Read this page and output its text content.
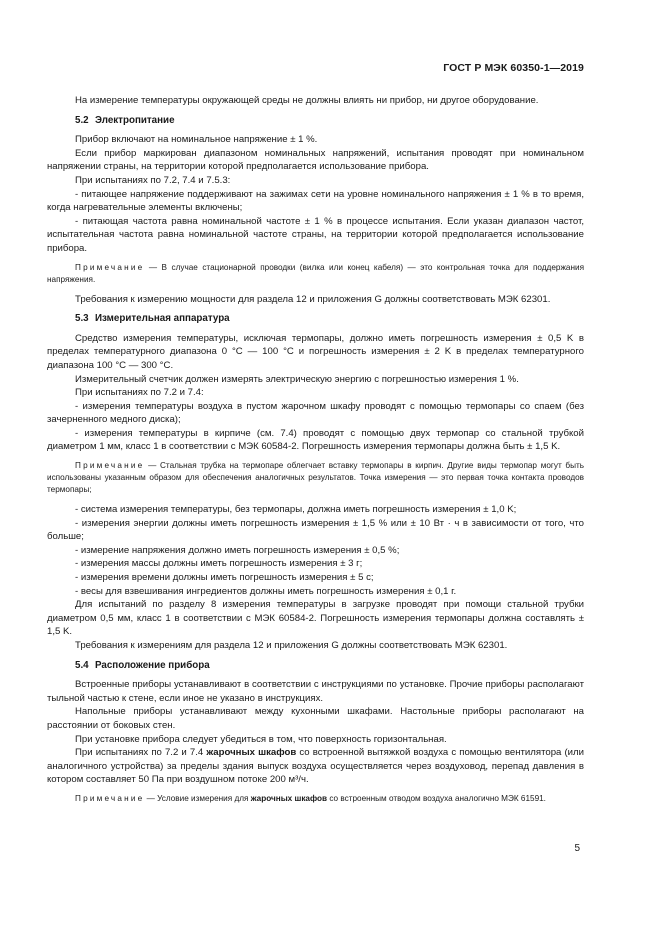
ГОСТ Р МЭК 60350-1—2019

На измерение температуры окружающей среды не должны влиять ни прибор, ни другое оборудование.

5.2 Электропитание

Прибор включают на номинальное напряжение ± 1 %.

Если прибор маркирован диапазоном номинальных напряжений, испытания проводят при номинальном напряжении страны, на территории которой предполагается использование прибора.

При испытаниях по 7.2, 7.4 и 7.5.3:

- питающее напряжение поддерживают на зажимах сети на уровне номинального напряжения ± 1 % в то время, когда нагревательные элементы включены;

- питающая частота равна номинальной частоте ± 1 % в процессе испытания. Если указан диапазон частот, испытательная частота равна номинальной частоте страны, на территории которой предполагается использование прибора.

Примечание — В случае стационарной проводки (вилка или конец кабеля) — это контрольная точка для поддержания напряжения.

Требования к измерению мощности для раздела 12 и приложения G должны соответствовать МЭК 62301.

5.3 Измерительная аппаратура

Средство измерения температуры, исключая термопары, должно иметь погрешность измерения ± 0,5 K в пределах температурного диапазона 0 °С — 100 °С и погрешность измерения ± 2 K в пределах температурного диапазона 100 °С — 300 °С.

Измерительный счетчик должен измерять электрическую энергию с погрешностью измерения 1 %.

При испытаниях по 7.2 и 7.4:

- измерения температуры воздуха в пустом жарочном шкафу проводят с помощью термопары со спаем (без зачерненного медного диска);

- измерения температуры в кирпиче (см. 7.4) проводят с помощью двух термопар со стальной трубкой диаметром 1 мм, класс 1 в соответствии с МЭК 60584-2. Погрешность измерения термопары должна быть ± 1,5 K.

Примечание — Стальная трубка на термопаре облегчает вставку термопары в кирпич. Другие виды термопар могут быть использованы указанным образом для обеспечения аналогичных результатов. Точка измерения — это первая точка контакта проводов термопары;

- система измерения температуры, без термопары, должна иметь погрешность измерения ± 1,0 K;

- измерения энергии должны иметь погрешность измерения ± 1,5 % или ± 10 Вт · ч в зависимости от того, что больше;

- измерение напряжения должно иметь погрешность измерения ± 0,5 %;

- измерения массы должны иметь погрешность измерения ± 3 г;

- измерения времени должны иметь погрешность измерения ± 5 с;

- весы для взвешивания ингредиентов должны иметь погрешность измерения ± 0,1 г.

Для испытаний по разделу 8 измерения температуры в загрузке проводят при помощи стальной трубки диаметром 0,5 мм, класс 1 в соответствии с МЭК 60584-2. Погрешность измерения термопары должна составлять ± 1,5 K.

Требования к измерениям для раздела 12 и приложения G должны соответствовать МЭК 62301.

5.4 Расположение прибора

Встроенные приборы устанавливают в соответствии с инструкциями по установке. Прочие приборы располагают тыльной частью к стене, если иное не указано в инструкциях.

Напольные приборы устанавливают между кухонными шкафами. Настольные приборы располагают на расстоянии от боковых стен.

При установке прибора следует убедиться в том, что поверхность горизонтальная.

При испытаниях по 7.2 и 7.4 жарочных шкафов со встроенной вытяжкой воздуха с помощью вентилятора (или аналогичного устройства) за пределы здания выпуск воздуха осуществляется через воздуховод, перепад давления в котором составляет 50 Па при воздушном потоке 200 м³/ч.

Примечание — Условие измерения для жарочных шкафов со встроенным отводом воздуха аналогично МЭК 61591.

5
